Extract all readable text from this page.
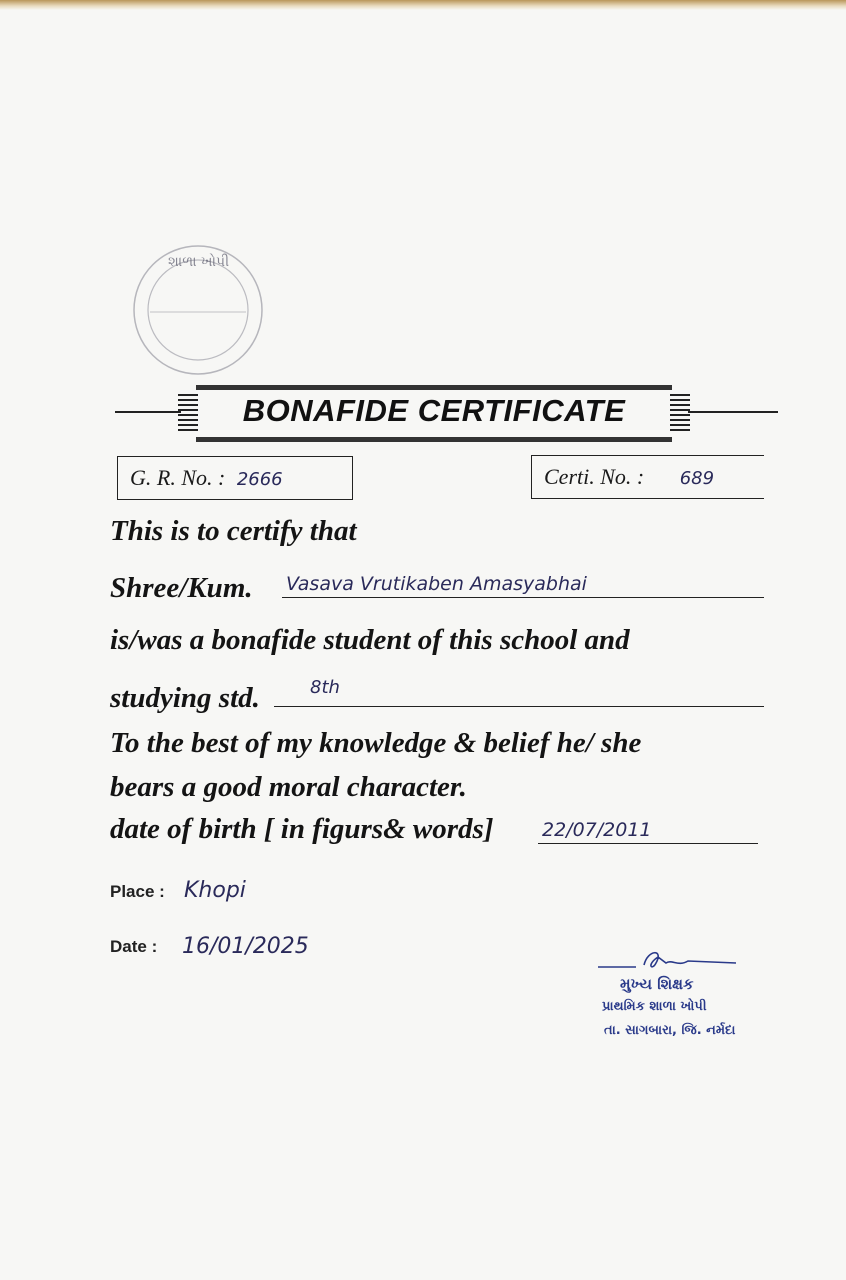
શાળા ખોપી
BONAFIDE CERTIFICATE
G. R. No. : 2666	Certi. No. : 689
This is to certify that
Shree/Kum. Vasava Vrutikaben Amasyabhai
is/was a bonafide student of this school and
studying std.	8th
To the best of my knowledge & belief he/ she
bears a good moral character.
date of birth [ in figurs& words]	22/07/2011
Place : Khopi
Date : 16/01/2025
મુખ્ય શિક્ષક
પ્રાથમિક શાળા ખોપી
તા. સાગબારા, જિ. નર્મદા
